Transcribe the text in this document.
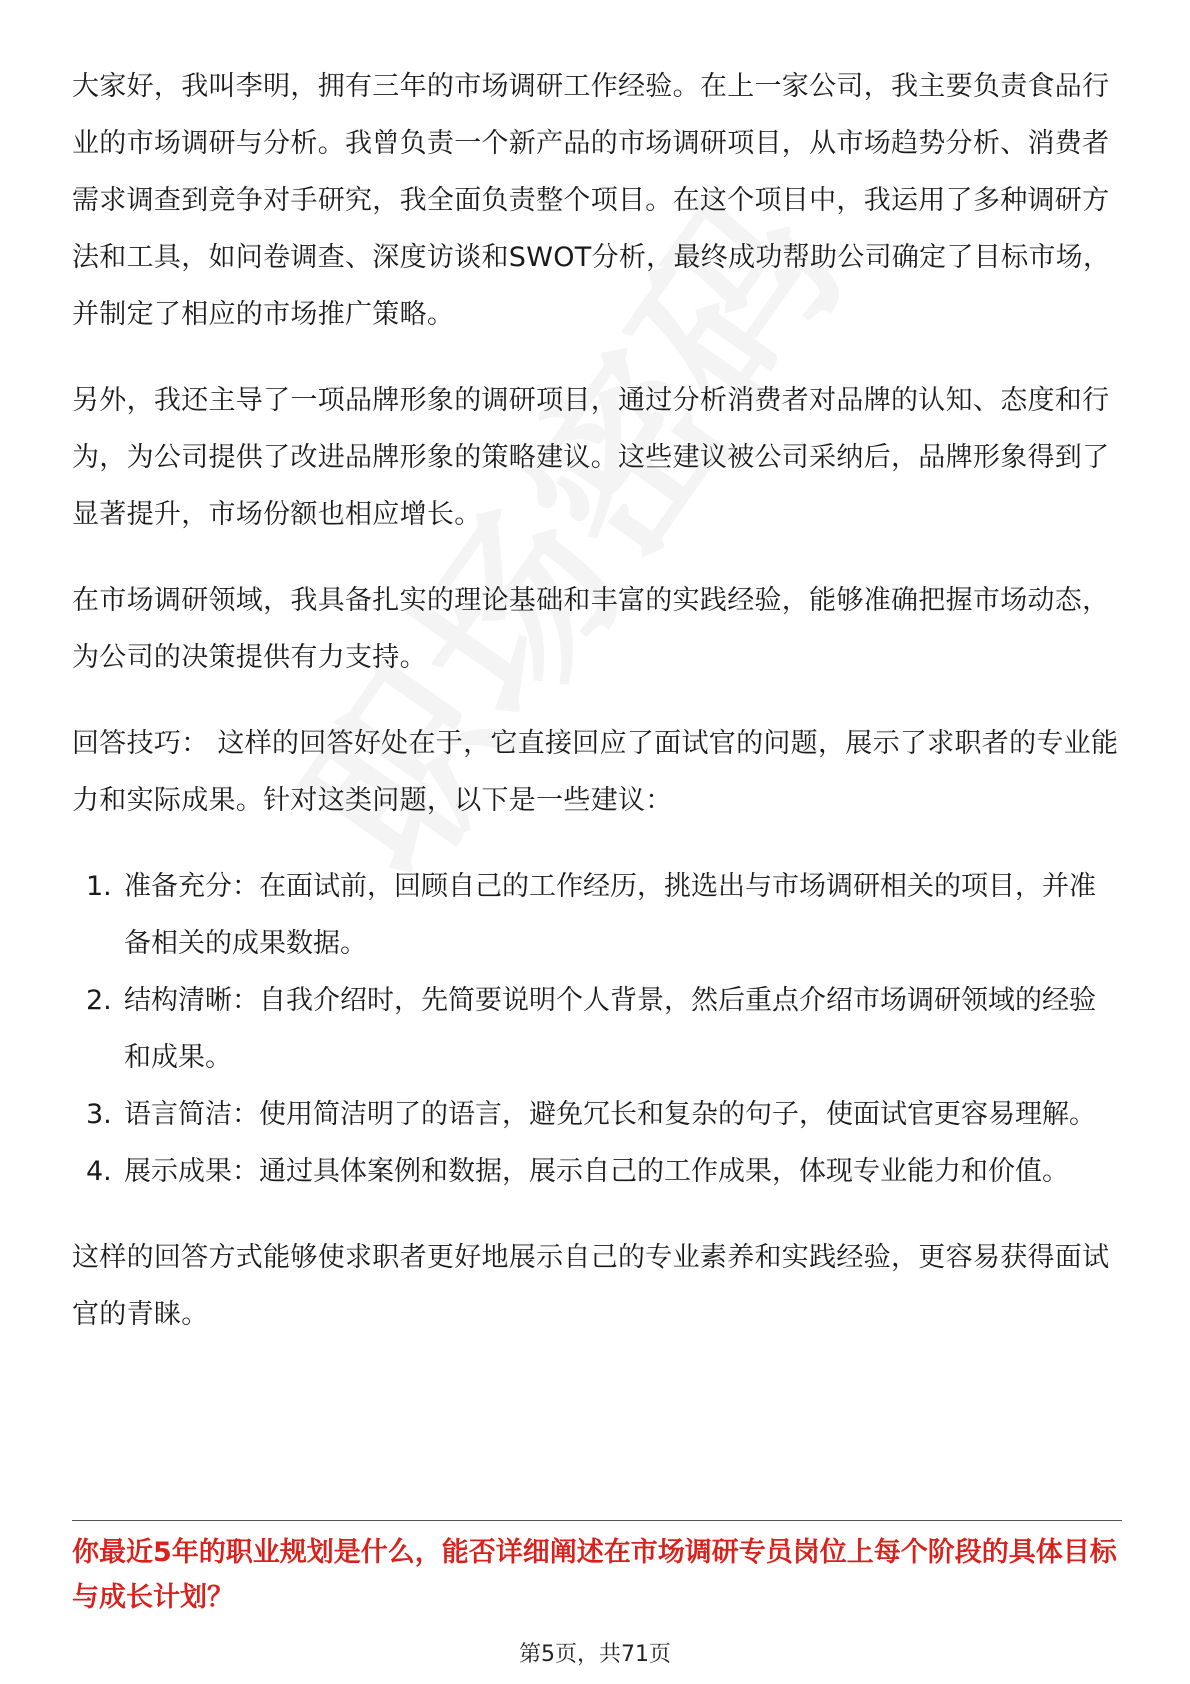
大家好，我叫李明，拥有三年的市场调研工作经验。在上一家公司，我主要负责食品行业的市场调研与分析。我曾负责一个新产品的市场调研项目，从市场趋势分析、消费者需求调查到竞争对手研究，我全面负责整个项目。在这个项目中，我运用了多种调研方法和工具，如问卷调查、深度访谈和SWOT分析，最终成功帮助公司确定了目标市场，并制定了相应的市场推广策略。

另外，我还主导了一项品牌形象的调研项目，通过分析消费者对品牌的认知、态度和行为，为公司提供了改进品牌形象的策略建议。这些建议被公司采纳后，品牌形象得到了显著提升，市场份额也相应增长。

在市场调研领域，我具备扎实的理论基础和丰富的实践经验，能够准确把握市场动态，为公司的决策提供有力支持。

回答技巧： 这样的回答好处在于，它直接回应了面试官的问题，展示了求职者的专业能力和实际成果。针对这类问题，以下是一些建议：

1. 准备充分：在面试前，回顾自己的工作经历，挑选出与市场调研相关的项目，并准备相关的成果数据。
2. 结构清晰：自我介绍时，先简要说明个人背景，然后重点介绍市场调研领域的经验和成果。
3. 语言简洁：使用简洁明了的语言，避免冗长和复杂的句子，使面试官更容易理解。
4. 展示成果：通过具体案例和数据，展示自己的工作成果，体现专业能力和价值。

这样的回答方式能够使求职者更好地展示自己的专业素养和实践经验，更容易获得面试官的青睐。

你最近5年的职业规划是什么，能否详细阐述在市场调研专员岗位上每个阶段的具体目标与成长计划？
第5页，共71页
